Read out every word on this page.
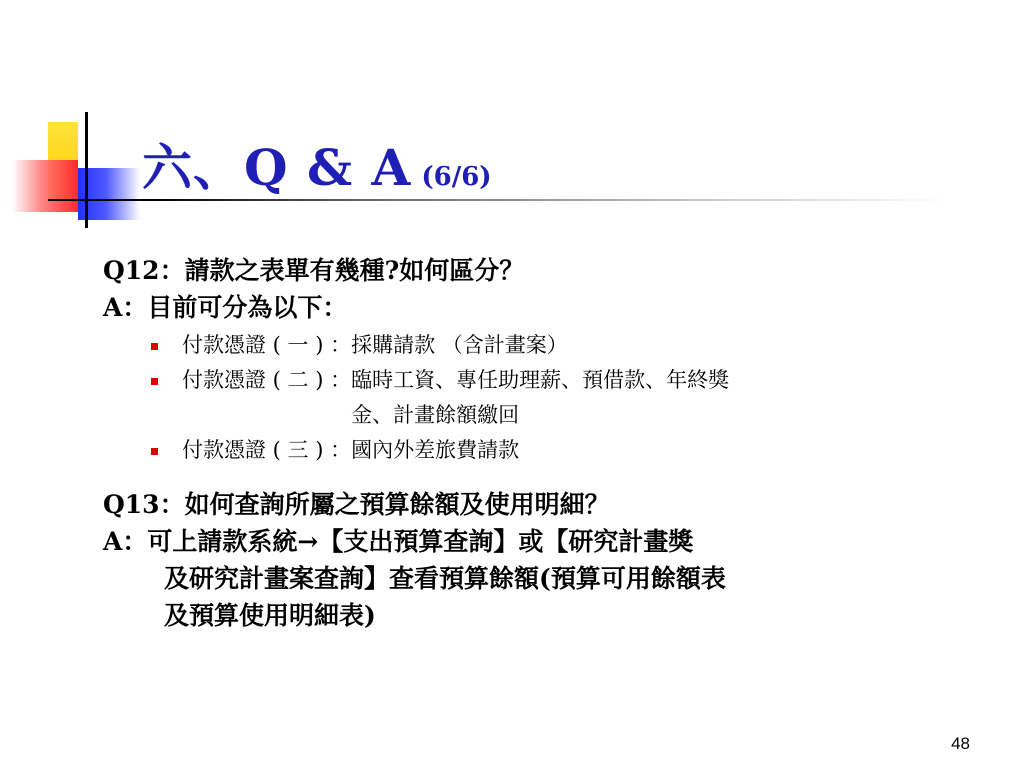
六、Q & A (6/6)
Q12： 請款之表單有幾種?如何區分？
A： 目前可分為以下：
付款憑證 ( 一 ) ： 採購請款 （含計畫案）
付款憑證 ( 二 ) ： 臨時工資、專任助理薪、預借款、年終獎
金、計畫餘額繳回
付款憑證 ( 三 ) ： 國內外差旅費請款
Q13： 如何查詢所屬之預算餘額及使用明細？
A： 可上請款系統→【支出預算查詢】或【研究計畫獎
及研究計畫案查詢】查看預算餘額(預算可用餘額表
及預算使用明細表)
48
